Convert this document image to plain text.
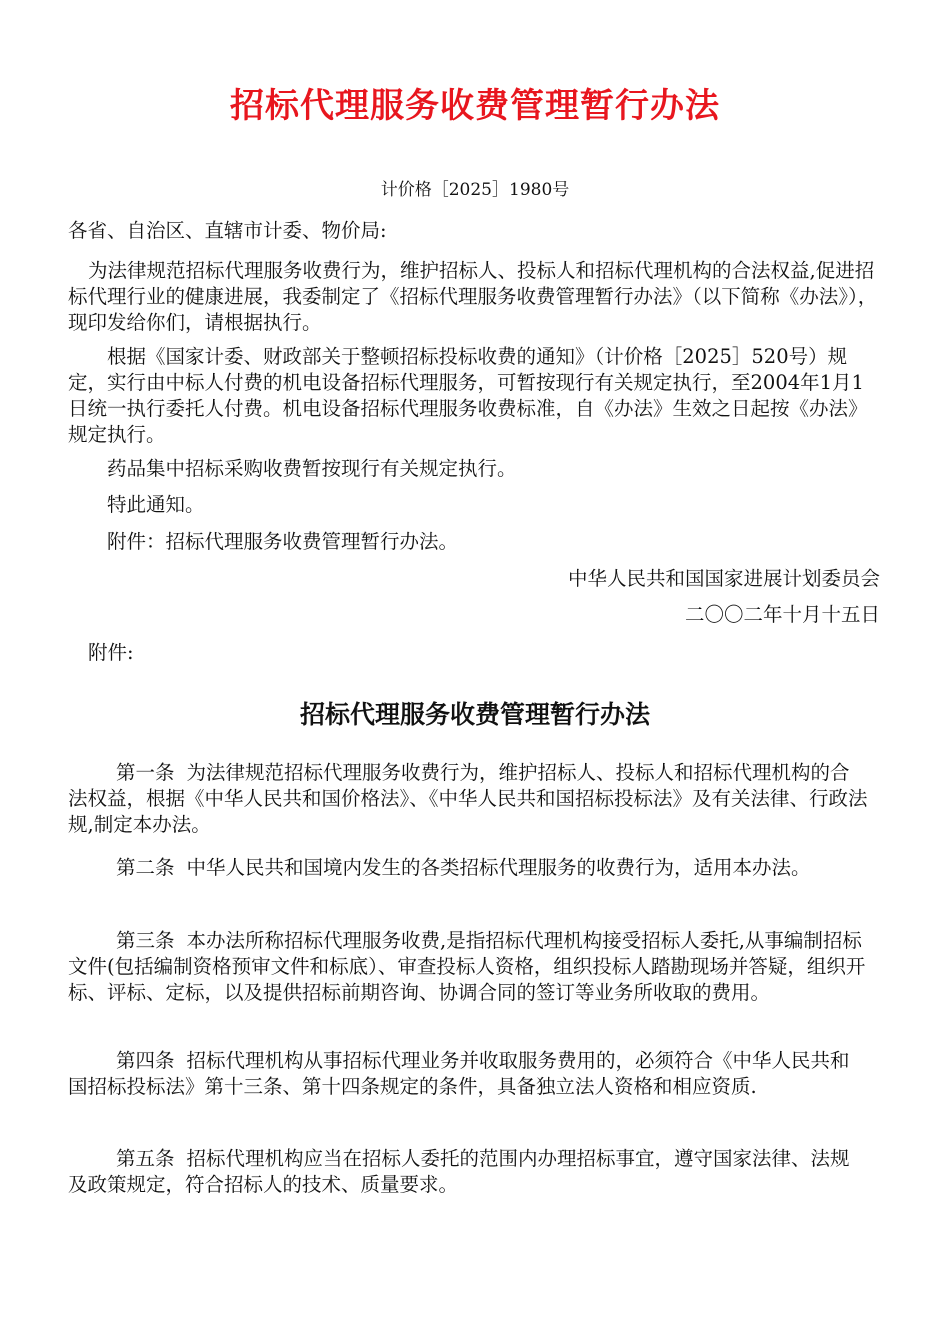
招标代理服务收费管理暂行办法
计价格［2025］1980号
各省、自治区、直辖市计委、物价局:
为法律规范招标代理服务收费行为，维护招标人、投标人和招标代理机构的合法权益,促进招标代理行业的健康进展，我委制定了《招标代理服务收费管理暂行办法》（以下简称《办法》），现印发给你们，请根据执行。
根据《国家计委、财政部关于整顿招标投标收费的通知》（计价格［2025］520号）规定，实行由中标人付费的机电设备招标代理服务，可暂按现行有关规定执行，至2004年1月1日统一执行委托人付费。机电设备招标代理服务收费标准，自《办法》生效之日起按《办法》规定执行。
药品集中招标采购收费暂按现行有关规定执行。
特此通知。
附件：招标代理服务收费管理暂行办法。
中华人民共和国国家进展计划委员会
二〇〇二年十月十五日
附件:
招标代理服务收费管理暂行办法
第一条 为法律规范招标代理服务收费行为，维护招标人、投标人和招标代理机构的合法权益，根据《中华人民共和国价格法》、《中华人民共和国招标投标法》及有关法律、行政法规,制定本办法。
第二条 中华人民共和国境内发生的各类招标代理服务的收费行为，适用本办法。
第三条 本办法所称招标代理服务收费,是指招标代理机构接受招标人委托,从事编制招标文件(包括编制资格预审文件和标底）、审查投标人资格，组织投标人踏勘现场并答疑，组织开标、评标、定标，以及提供招标前期咨询、协调合同的签订等业务所收取的费用。
第四条 招标代理机构从事招标代理业务并收取服务费用的，必须符合《中华人民共和国招标投标法》第十三条、第十四条规定的条件，具备独立法人资格和相应资质.
第五条 招标代理机构应当在招标人委托的范围内办理招标事宜，遵守国家法律、法规及政策规定，符合招标人的技术、质量要求。
